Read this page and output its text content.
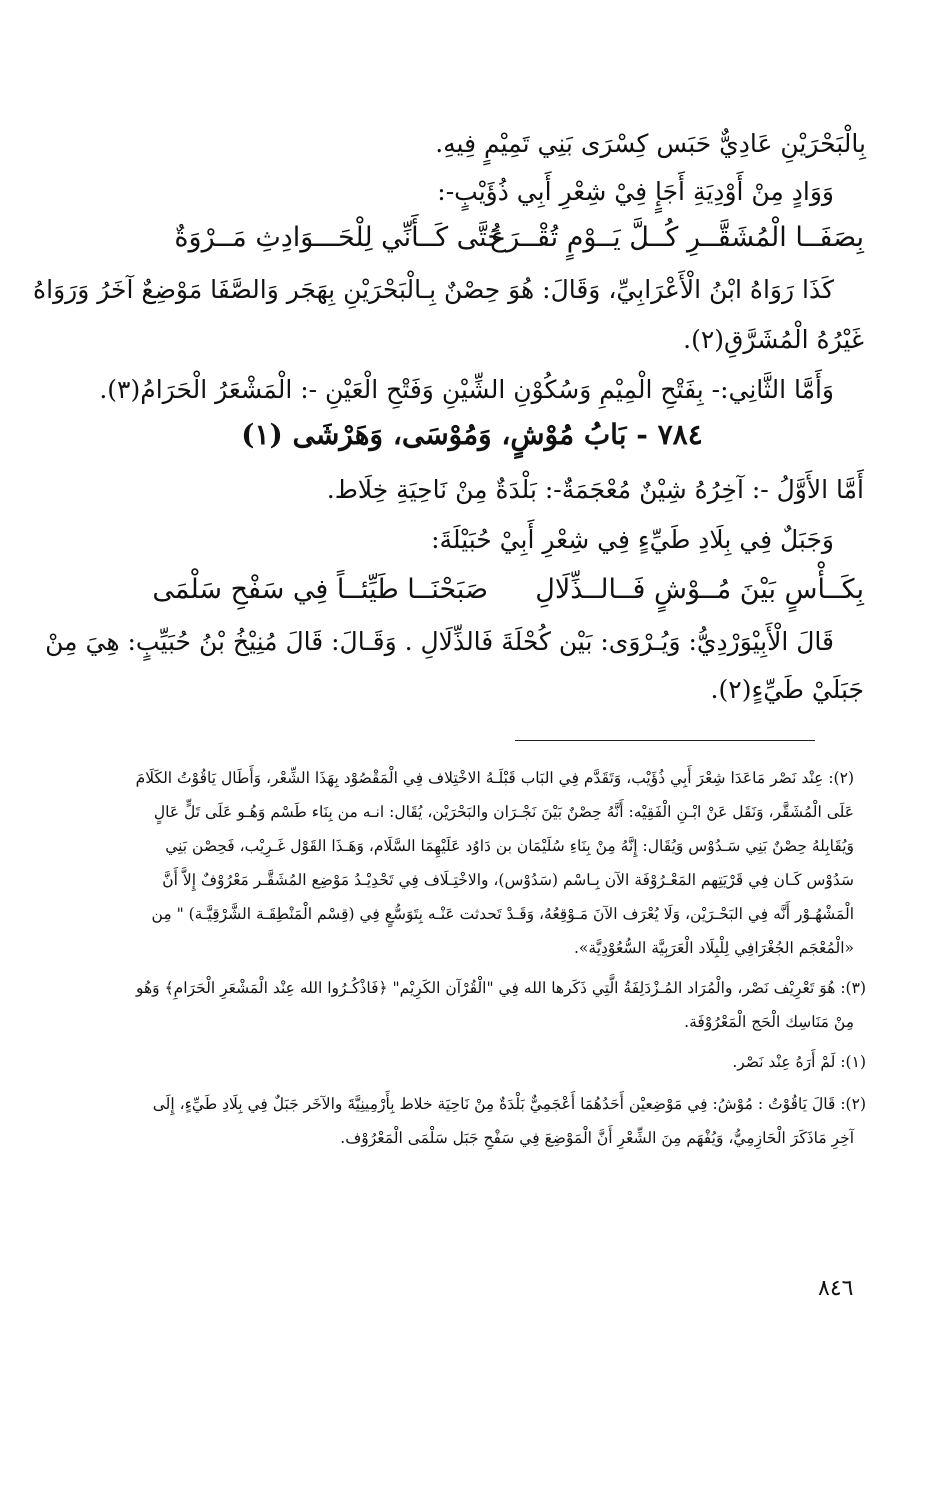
بِالْبَحْرَيْنِ عَادِيٌّ حَبَس كِسْرَى بَنِي تَمِيْمٍ فِيهِ.
وَوَادٍ مِنْ أَوْدِيَةِ أَجَإٍ فِيْ شِعْرِ أَبِي ذُؤَيْبٍ-:
حَتَّى كَــأَنِّي لِلْحَـــوَادِثِ مَــرْوَةٌ
بِصَفَــا الْمُشَقَّــرِ كُــلَّ يَــوْمٍ تُقْــرَعُ
كَذَا رَوَاهُ ابْنُ الْأَعْرَابِيِّ، وَقَالَ: هُوَ حِصْنٌ بِـالْبَحْرَيْنِ بِهَجَر وَالصَّفَا مَوْضِعٌ آخَرُ وَرَوَاهُ
غَيْرُهُ الْمُشَرَّقِ(٢).
وَأَمَّا الثَّانِي:- بِفَتْحِ الْمِيْمِ وَسُكُوْنِ الشِّيْنِ وَفَتْحِ الْعَيْنِ -: الْمَشْعَرُ الْحَرَامُ(٣).
٧٨٤ - بَابُ مُوْشٍ، وَمُوْسَى، وَهَرْشَى (١)
أَمَّا الأَوَّلُ -: آخِرُهُ شِيْنٌ مُعْجَمَةٌ-: بَلْدَةٌ مِنْ نَاحِيَةِ خِلَاط.
وَجَبَلٌ فِي بِلَادِ طَيِّءٍ فِي شِعْرِ أَبِيْ حُبَيْلَةَ:
صَبَحْنَــا طَيِّئــاً فِي سَفْحِ سَلْمَى بِكَــأْسٍ بَيْنَ مُــوْشٍ فَــالــذِّلَالِ
قَالَ الْأَبِيْوَرْدِيُّ: وَيُـرْوَى: بَيْن كُحْلَةَ فَالذِّلَالِ . وَقَـالَ: قَالَ مُنِيْخُ بْنُ حُبَيِّبٍ: هِيَ مِنْ
جَبَلَيْ طَيِّءٍ(٢).
(٢): عِنْد نَصْر مَاعَدَا شِعْرَ أَبِي ذُؤَيْب، وَتَقَدَّم فِي البَاب قَبْلَـهُ الاخْتِلاف فِي الْمَقْصُوْد بِهَذَا الشِّعْر، وَأَطَال يَاقُوْتُ الكَلَامَ
عَلَى الْمُشَقَّر، وَنَقَل عَنْ ابْـنِ الْفَقِيْه: أَنَّهُ حِصْنٌ بَيْنَ نَجْـرَان والبَحْرَيْن، يُقَال: انـه من بِنَاء طَسْم وَهُـو عَلَى تَلٍّ عَالٍ
وَيُقَابِلهُ حِصْنٌ بَنِي سَـدُوْس وَيُقَال: إِنَّهُ مِنْ بِنَاءِ سُلَيْمَان بن دَاوُد عَلَيْهِمَا السَّلَام، وَهَـذَا القَوْل غَـرِيْب، فَحِصْن بَنِي
سَدُوْس كَـان فِي قَرْيَتِهم المَعْـرُوْفَة الآن بِـاسْم (سَدُوْس)، والاخْتِـلَاف فِي تَحْدِيْـدُ مَوْضِع المُشَقَّـر مَعْرُوْفٌ إِلاَّ أَنَّ
الْمَشْهُـوْر أَنَّه فِي البَحْـرَيْن، وَلَا يُعْرَف الآنَ مَـوْقِعُهُ، وَقَـدْ تَحدثت عَنْـه بِتَوَسُّعٍ فِي (قِسْم الْمَنْطِقَـة الشَّرْقِيَّـة) " مِن
«الْمُعْجَم الجُغْرَافِي لِلْبِلَاد الْعَرَبِيَّة السُّعُوْدِيَّة».
(٣): هُوَ تَعْرِيْف نَصْر، والْمُرَاد المُـزْدَلِفَةُ الَّتِي ذَكَرها الله فِي "الْقُرْآن الكَرِيْم" ﴿فَاذْكُـرُوا الله عِنْد الْمَشْعَرِ الْحَرَامِ﴾ وَهُو
مِنْ مَنَاسِك الْحَج الْمَعْرُوْفَة.
(١): لَمْ أَرَهُ عِنْد نَصْر.
(٢): قَالَ يَاقُوْتُ : مُوْشُ: فِي مَوْضِعيْن أَحَدُهُمَا أَعْجَمِيٌّ بَلْدَةٌ مِنْ نَاحِيَة خلاط بِأَرْمِينِيَّةَ والآخَر جَبَلٌ فِي بِلَادِ طَيِّءٍ، إِلَى
آخِرِ مَاذَكَرَ الْحَازِمِيُّ، وَيُفْهَم مِنَ الشِّعْرِ أَنَّ الْمَوْضِعَ فِي سَفْحِ جَبَل سَلْمَى الْمَعْرُوْف.
٨٤٦
